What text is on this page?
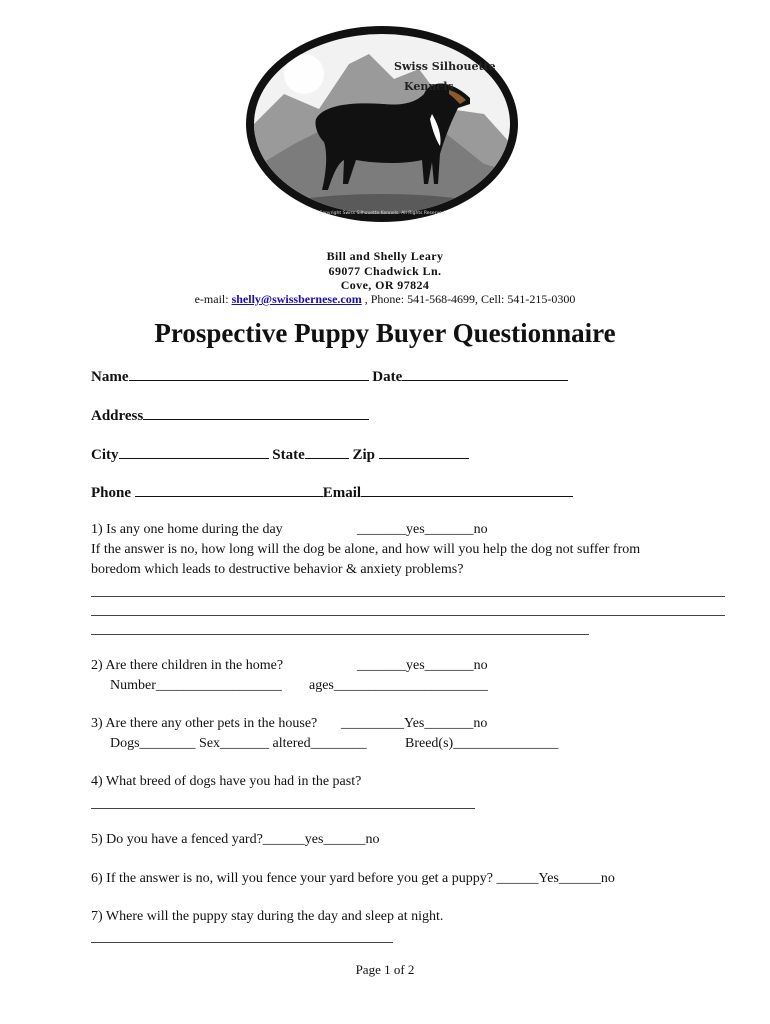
Swiss Silhouette
Kennels
Copyright Swiss Silhouette Kennels. All Rights Reserved
Bill and Shelly Leary
69077 Chadwick Ln.
Cove, OR 97824
e-mail: shelly@swissbernese.com , Phone: 541-568-4699, Cell: 541-215-0300
Prospective Puppy Buyer Questionnaire
Name	Date
Address
City	State	Zip
Phone	Email
1) Is any one home during the day	_______yes_______no
If the answer is no, how long will the dog be alone, and how will you help the dog not suffer from
boredom which leads to destructive behavior & anxiety problems?
2) Are there children in the home?	_______yes_______no
Number__________________ ages______________________
3) Are there any other pets in the house? _________Yes_______no
Dogs________ Sex_______ altered________	Breed(s)_______________
4) What breed of dogs have you had in the past?
5) Do you have a fenced yard?______yes______no
6) If the answer is no, will you fence your yard before you get a puppy? ______Yes______no
7) Where will the puppy stay during the day and sleep at night.
Page 1 of 2
